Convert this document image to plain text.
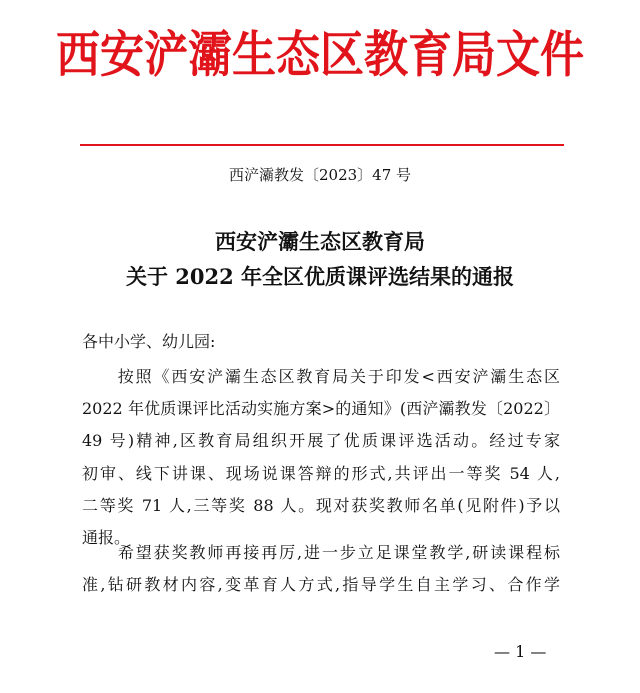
西安浐灞生态区教育局文件
西浐灞教发〔2023〕47 号
西安浐灞生态区教育局
关于 2022 年全区优质课评选结果的通报
各中小学、幼儿园:
　　按照《西安浐灞生态区教育局关于印发<西安浐灞生态区
2022 年优质课评比活动实施方案>的通知》(西浐灞教发〔2022〕
49 号)精神,区教育局组织开展了优质课评选活动。经过专家
初审、线下讲课、现场说课答辩的形式,共评出一等奖 54 人,
二等奖 71 人,三等奖 88 人。现对获奖教师名单(见附件)予以
通报。
　　希望获奖教师再接再厉,进一步立足课堂教学,研读课程标
准,钻研教材内容,变革育人方式,指导学生自主学习、合作学
— 1 —
